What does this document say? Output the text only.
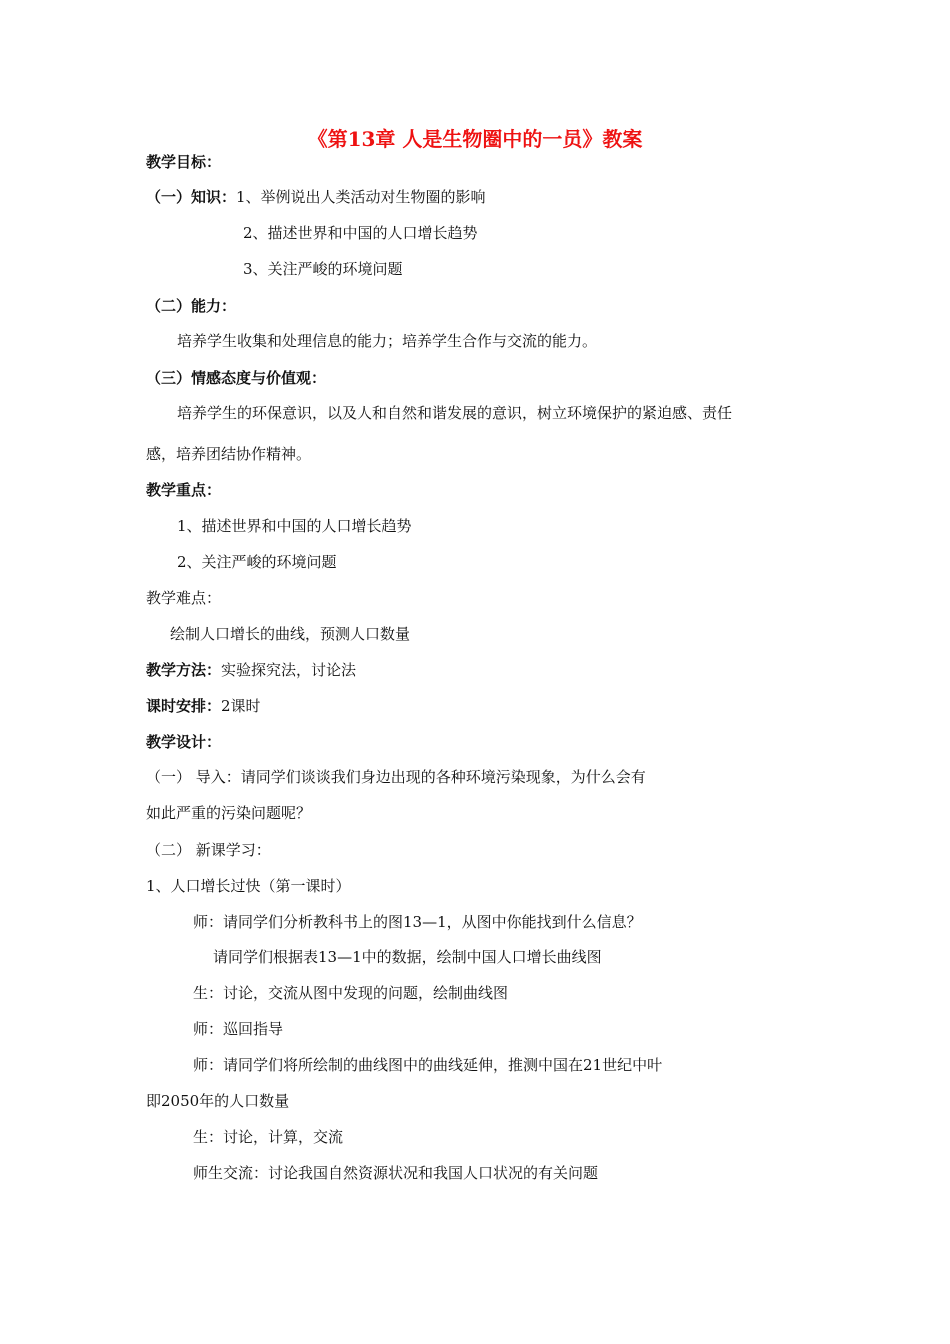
《第13章 人是生物圈中的一员》教案
教学目标：
（一）知识：1、举例说出人类活动对生物圈的影响
2、描述世界和中国的人口增长趋势
3、关注严峻的环境问题
（二）能力：
培养学生收集和处理信息的能力；培养学生合作与交流的能力。
（三）情感态度与价值观：
培养学生的环保意识，以及人和自然和谐发展的意识，树立环境保护的紧迫感、责任
感，培养团结协作精神。
教学重点：
1、描述世界和中国的人口增长趋势
2、关注严峻的环境问题
教学难点：
绘制人口增长的曲线，预测人口数量
教学方法：实验探究法，讨论法
课时安排：2课时
教学设计：
（一） 导入：请同学们谈谈我们身边出现的各种环境污染现象，为什么会有
如此严重的污染问题呢？
（二） 新课学习：
1、人口增长过快（第一课时）
师：请同学们分析教科书上的图13—1，从图中你能找到什么信息？
请同学们根据表13—1中的数据，绘制中国人口增长曲线图
生：讨论，交流从图中发现的问题，绘制曲线图
师：巡回指导
师：请同学们将所绘制的曲线图中的曲线延伸，推测中国在21世纪中叶
即2050年的人口数量
生：讨论，计算，交流
师生交流：讨论我国自然资源状况和我国人口状况的有关问题
